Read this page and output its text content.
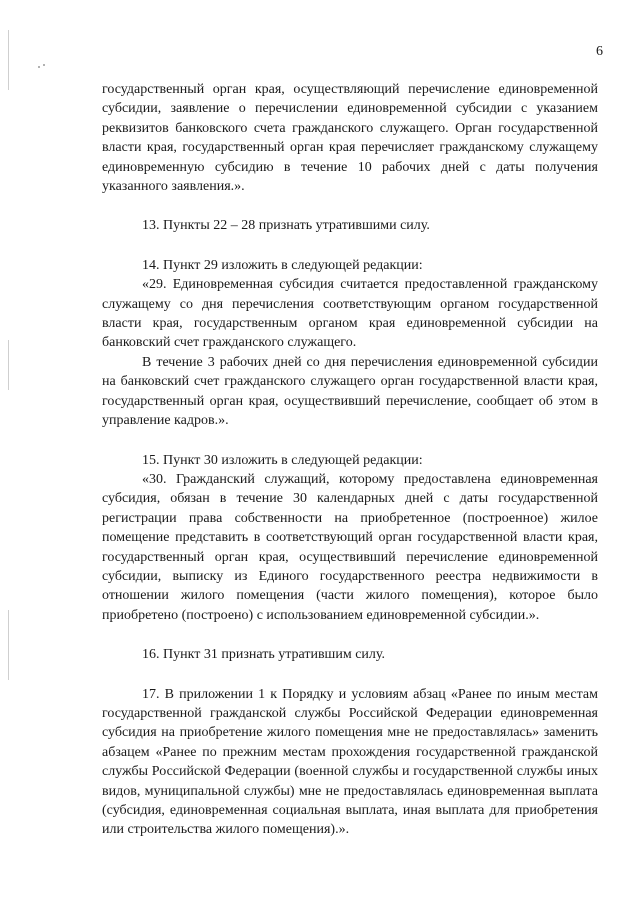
6

государственный орган края, осуществляющий перечисление единовременной субсидии, заявление о перечислении единовременной субсидии с указанием реквизитов банковского счета гражданского служащего. Орган государственной власти края, государственный орган края перечисляет гражданскому служащему единовременную субсидию в течение 10 рабочих дней с даты получения указанного заявления.».

13. Пункты 22 – 28 признать утратившими силу.

14. Пункт 29 изложить в следующей редакции:

«29. Единовременная субсидия считается предоставленной гражданскому служащему со дня перечисления соответствующим органом государственной власти края, государственным органом края единовременной субсидии на банковский счет гражданского служащего.

В течение 3 рабочих дней со дня перечисления единовременной субсидии на банковский счет гражданского служащего орган государственной власти края, государственный орган края, осуществивший перечисление, сообщает об этом в управление кадров.».

15. Пункт 30 изложить в следующей редакции:

«30. Гражданский служащий, которому предоставлена единовременная субсидия, обязан в течение 30 календарных дней с даты государственной регистрации права собственности на приобретенное (построенное) жилое помещение представить в соответствующий орган государственной власти края, государственный орган края, осуществивший перечисление единовременной субсидии, выписку из Единого государственного реестра недвижимости в отношении жилого помещения (части жилого помещения), которое было приобретено (построено) с использованием единовременной субсидии.».

16. Пункт 31 признать утратившим силу.

17. В приложении 1 к Порядку и условиям абзац «Ранее по иным местам государственной гражданской службы Российской Федерации единовременная субсидия на приобретение жилого помещения мне не предоставлялась» заменить абзацем «Ранее по прежним местам прохождения государственной гражданской службы Российской Федерации (военной службы и государственной службы иных видов, муниципальной службы) мне не предоставлялась единовременная выплата (субсидия, единовременная социальная выплата, иная выплата для приобретения или строительства жилого помещения).».
